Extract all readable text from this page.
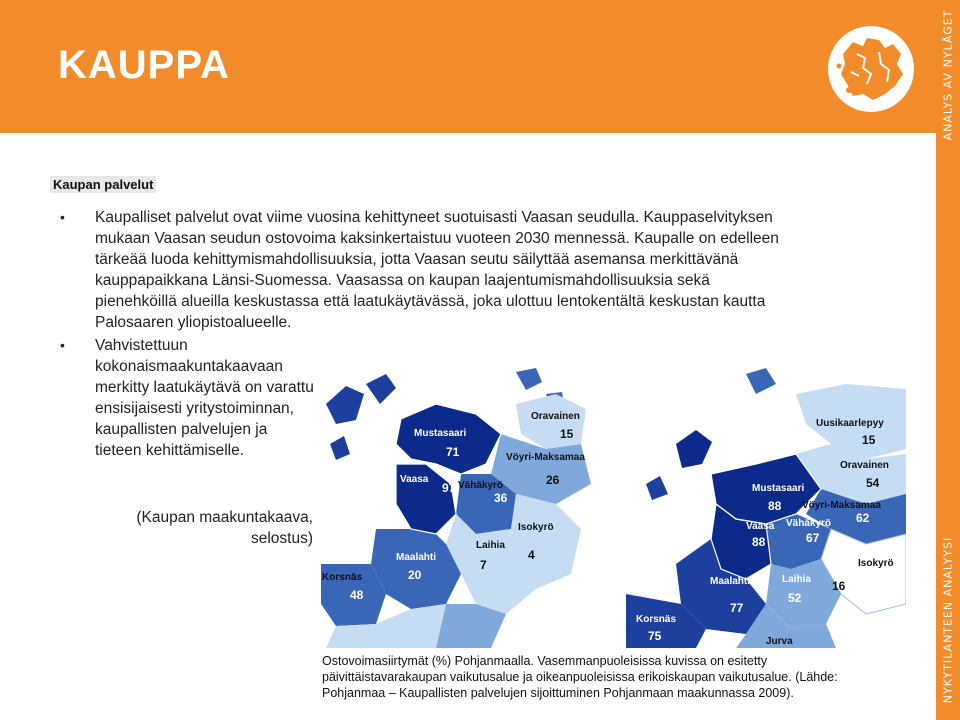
KAUPPA	ANALYS AV NYLÄGET
NYKYTILANTEEN ANALYYSI
Kaupan palvelut
• Kaupalliset palvelut ovat viime vuosina kehittyneet suotuisasti Vaasan seudulla. Kauppaselvityksen mukaan Vaasan seudun ostovoima kaksinkertaistuu vuoteen 2030 mennessä. Kaupalle on edelleen tärkeää luoda kehittymismahdollisuuksia, jotta Vaasan seutu säilyttää asemansa merkittävänä kauppapaikkana Länsi-Suomessa. Vaasassa on kaupan laajentumismahdollisuuksia sekä pienehköillä alueilla keskustassa että laatukäytävässä, joka ulottuu lentokentältä keskustan kautta Palosaaren yliopistoalueelle.
• Vahvistettuun kokonaismaakuntakaavaan merkitty laatukäytävä on varattu ensisijaisesti yritystoiminnan, kaupallisten palvelujen ja tieteen kehittämiselle.
(Kaupan maakuntakaava, selostus)
Mustasaari
71
Oravainen
15
Vöyri-Maksamaa
26
Vaasa
97 Vähäkyrö
36
Isokyrö
4
Laihia
7
Maalahti
20
Korsnäs
48
Uusikaarlepyy
15
Oravainen
54
Mustasaari
88 Vöyri-Maksamaa
62
Vaasa
88
Vähäkyrö
67
Isokyrö
16
Laihia
52
Maalahti
77
Korsnäs
75	Jurva
Ostovoimasiirtymät (%) Pohjanmaalla. Vasemmanpuoleisissa kuvissa on esitetty päivittäistavarakaupan vaikutusalue ja oikeanpuoleisissa erikoiskaupan vaikutusalue. (Lähde: Pohjanmaa – Kaupallisten palvelujen sijoittuminen Pohjanmaan maakunnassa 2009).
